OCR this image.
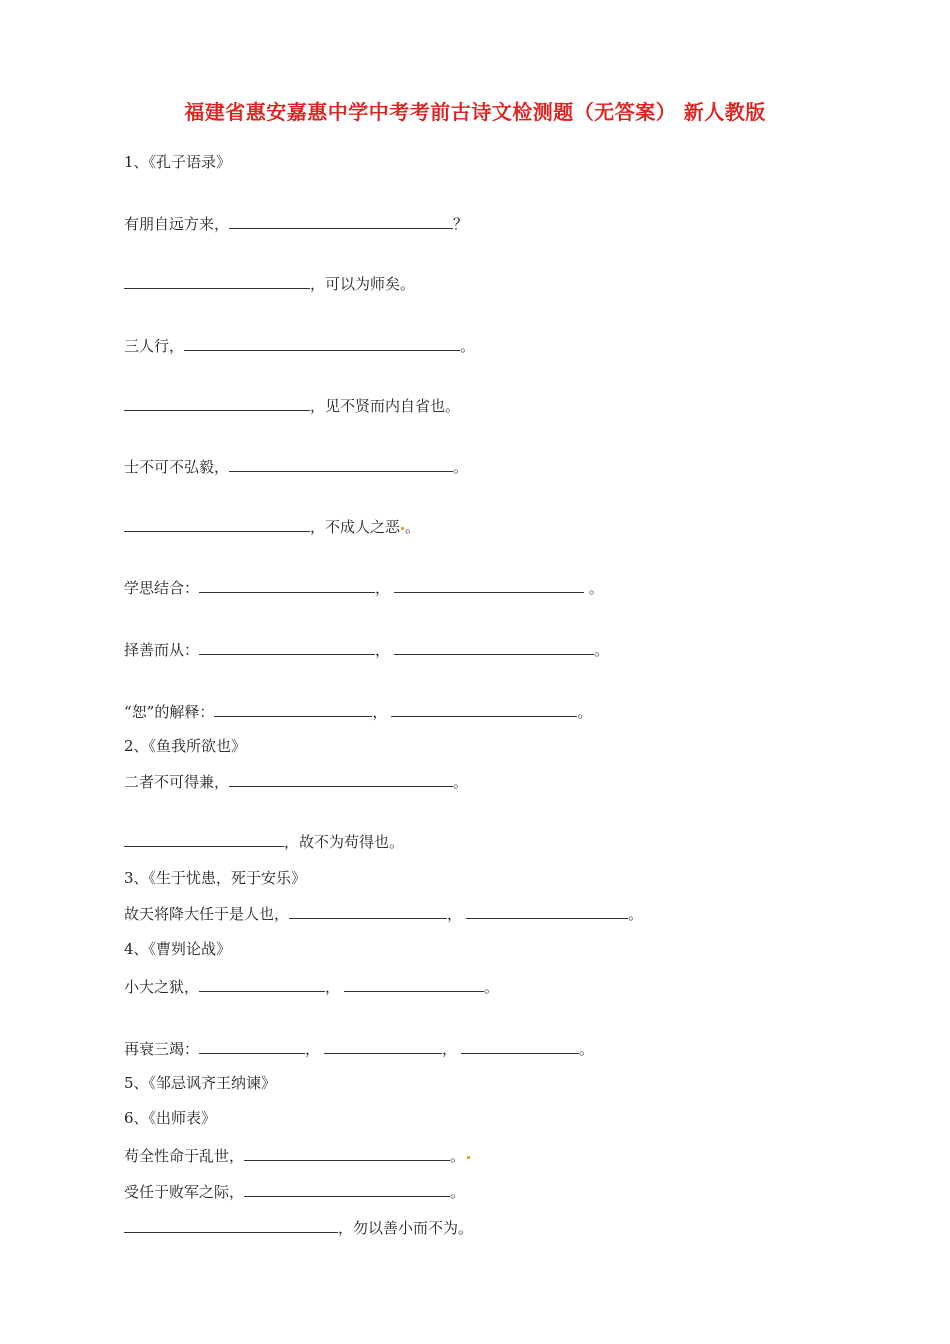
福建省惠安嘉惠中学中考考前古诗文检测题（无答案） 新人教版
1、《孔子语录》
有朋自远方来，	？
，可以为师矣。
三人行，	。
，见不贤而内自省也。
士不可不弘毅，	。
，不成人之恶 。
学思结合：	，	。
择善而从：	，	。
“恕”的解释：	，	。
2、《鱼我所欲也》
二者不可得兼，	。
，故不为苟得也。
3、《生于忧患，死于安乐》
故天将降大任于是人也，	，	。
4、《曹刿论战》
小大之狱，	，	。
再衰三竭：	，	，	。
5、《邹忌讽齐王纳谏》
6、《出师表》
苟全性命于乱世，	。
受任于败军之际，	。
，勿以善小而不为。
